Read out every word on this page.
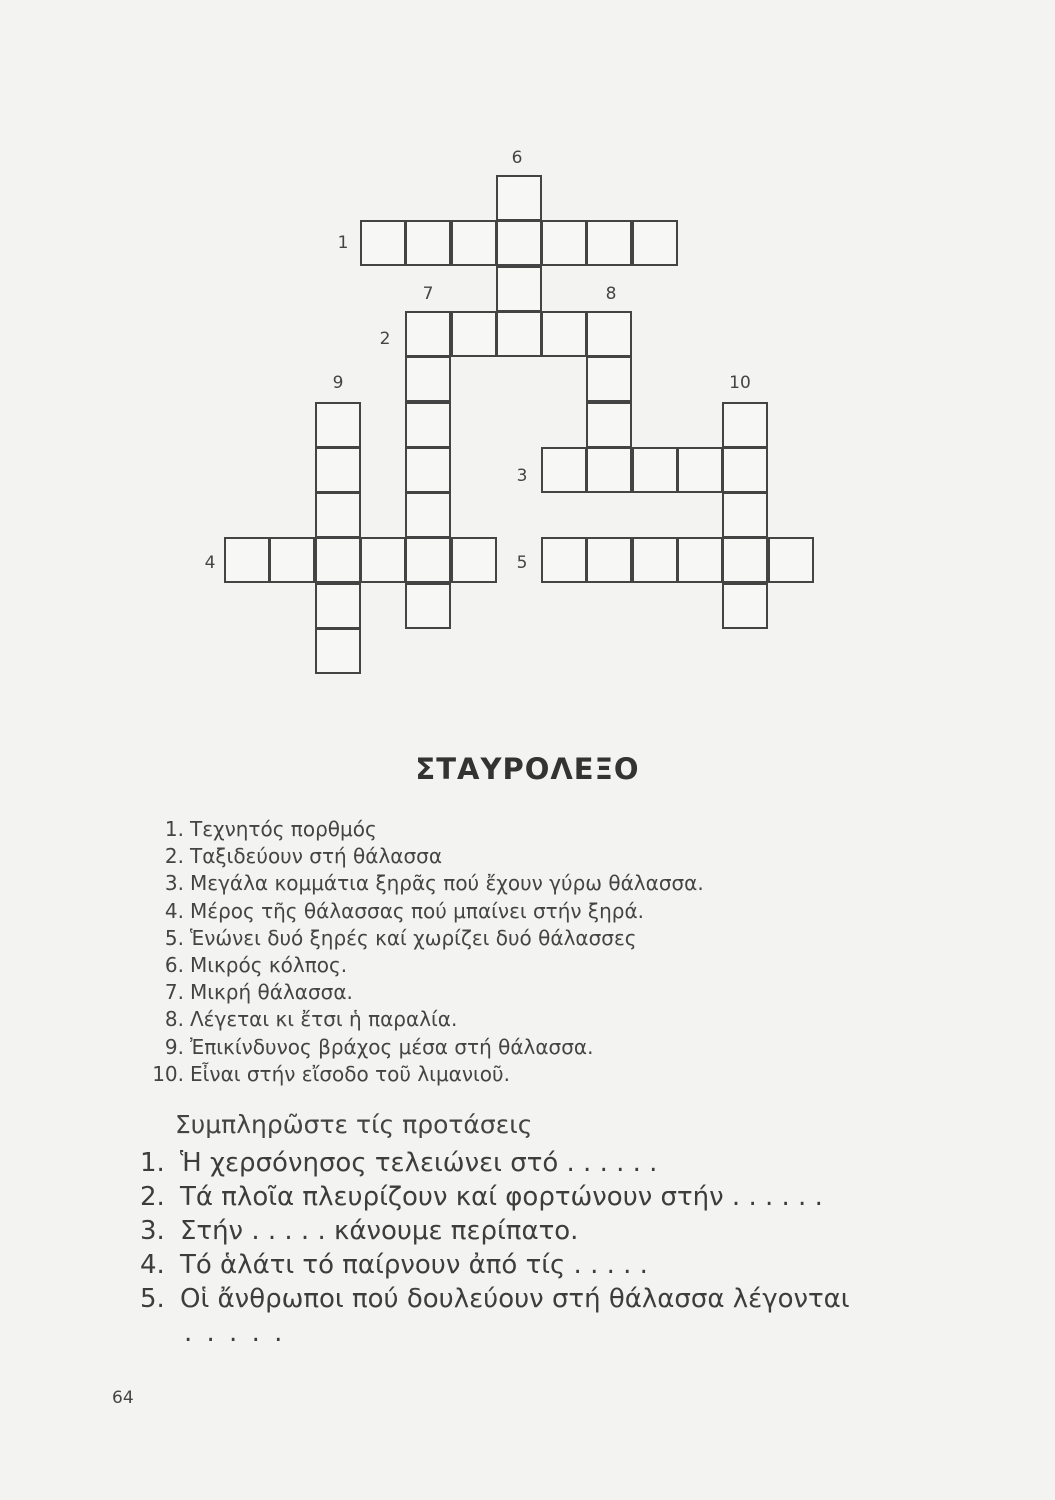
1
2
3
4	5
6
7	8
9	10
ΣΤΑΥΡΟΛΕΞΟ
1. Τεχνητός πορθμός
2. Ταξιδεύουν στή θάλασσα
3. Μεγάλα κομμάτια ξηρᾶς πού ἔχουν γύρω θάλασσα.
4. Μέρος τῆς θάλασσας πού μπαίνει στήν ξηρά.
5. Ἑνώνει δυό ξηρές καί χωρίζει δυό θάλασσες
6. Μικρός κόλπος.
7. Μικρή θάλασσα.
8. Λέγεται κι ἔτσι ἡ παραλία.
9. Ἐπικίνδυνος βράχος μέσα στή θάλασσα.
10. Εἶναι στήν εἴσοδο τοῦ λιμανιοῦ.
Συμπληρῶστε τίς προτάσεις
1. Ἡ χερσόνησος τελειώνει στό . . . . . .
2. Τά πλοῖα πλευρίζουν καί φορτώνουν στήν . . . . . .
3. Στήν . . . . . κάνουμε περίπατο.
4. Τό ἁλάτι τό παίρνουν ἀπό τίς . . . . .
5. Οἱ ἄνθρωποι πού δουλεύουν στή θάλασσα λέγονται
. . . . .
64
